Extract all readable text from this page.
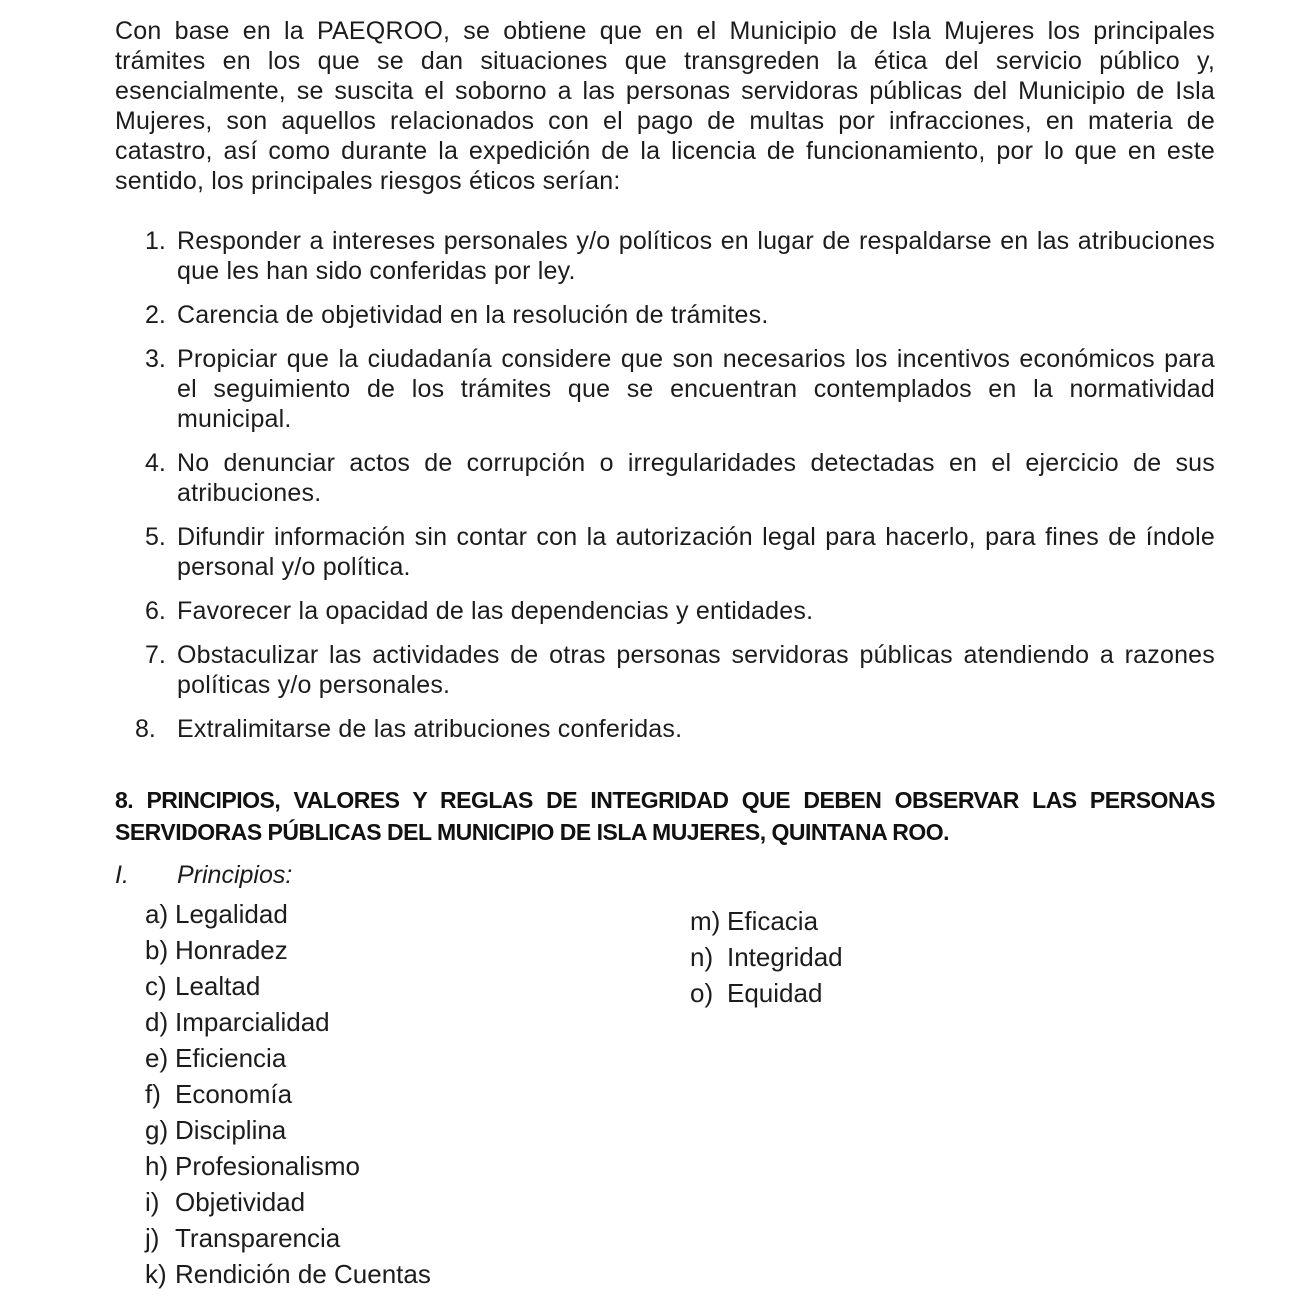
Con base en la PAEQROO, se obtiene que en el Municipio de Isla Mujeres los principales trámites en los que se dan situaciones que transgreden la ética del servicio público y, esencialmente, se suscita el soborno a las personas servidoras públicas del Municipio de Isla Mujeres, son aquellos relacionados con el pago de multas por infracciones, en materia de catastro, así como durante la expedición de la licencia de funcionamiento, por lo que en este sentido, los principales riesgos éticos serían:

1. Responder a intereses personales y/o políticos en lugar de respaldarse en las atribuciones que les han sido conferidas por ley.
2. Carencia de objetividad en la resolución de trámites.
3. Propiciar que la ciudadanía considere que son necesarios los incentivos económicos para el seguimiento de los trámites que se encuentran contemplados en la normatividad municipal.
4. No denunciar actos de corrupción o irregularidades detectadas en el ejercicio de sus atribuciones.
5. Difundir información sin contar con la autorización legal para hacerlo, para fines de índole personal y/o política.
6. Favorecer la opacidad de las dependencias y entidades.
7. Obstaculizar las actividades de otras personas servidoras públicas atendiendo a razones políticas y/o personales.
8. Extralimitarse de las atribuciones conferidas.
8. PRINCIPIOS, VALORES Y REGLAS DE INTEGRIDAD QUE DEBEN OBSERVAR LAS PERSONAS SERVIDORAS PÚBLICAS DEL MUNICIPIO DE ISLA MUJERES, QUINTANA ROO.
I.	Principios:
a) Legalidad
b) Honradez
c) Lealtad
d) Imparcialidad
e) Eficiencia
f) Economía
g) Disciplina
h) Profesionalismo
i) Objetividad
j) Transparencia
k) Rendición de Cuentas
m) Eficacia
n) Integridad
o) Equidad
